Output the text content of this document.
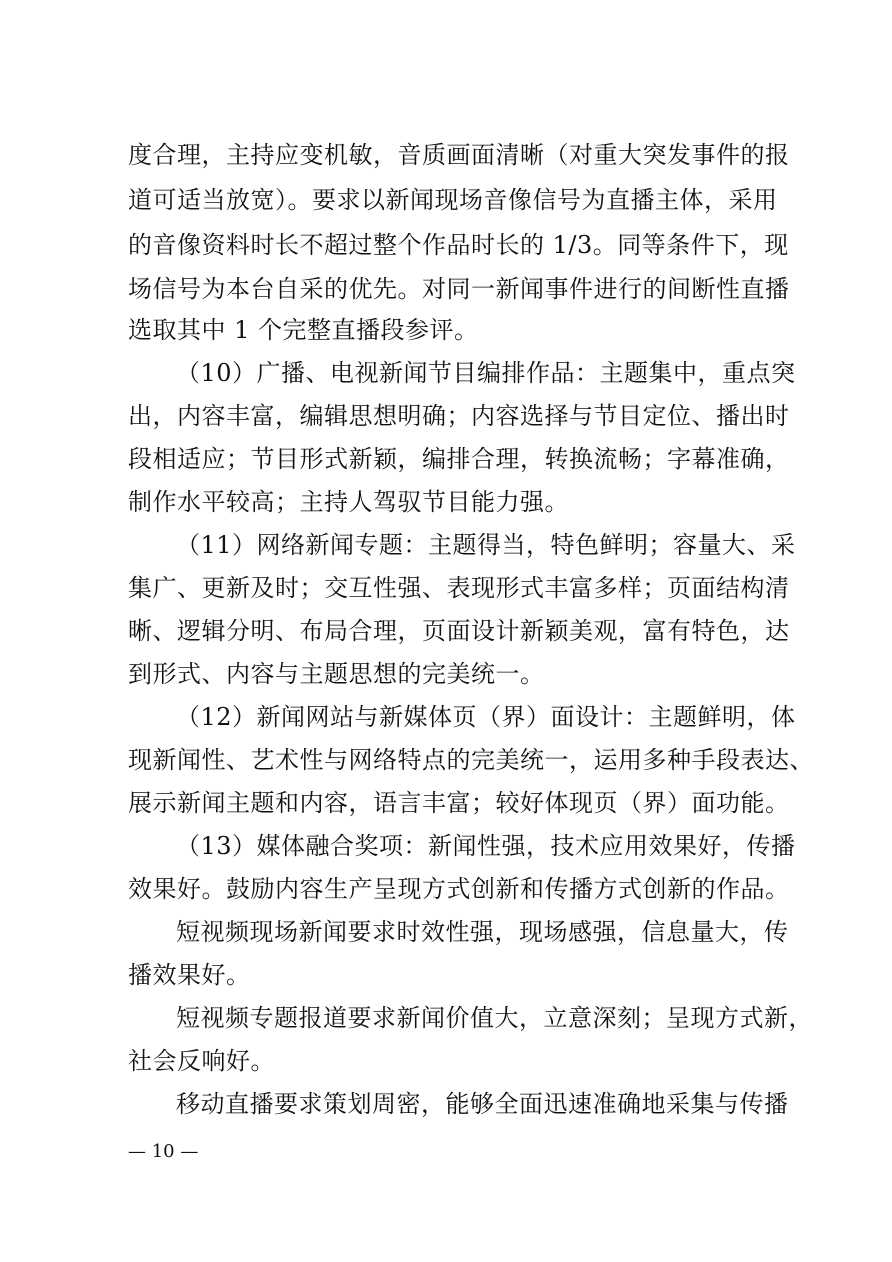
度合理，主持应变机敏，音质画面清晰（对重大突发事件的报
道可适当放宽）。要求以新闻现场音像信号为直播主体，采用
的音像资料时长不超过整个作品时长的 1/3。同等条件下，现
场信号为本台自采的优先。对同一新闻事件进行的间断性直播
选取其中 1 个完整直播段参评。
（10）广播、电视新闻节目编排作品：主题集中，重点突
出，内容丰富，编辑思想明确；内容选择与节目定位、播出时
段相适应；节目形式新颖，编排合理，转换流畅；字幕准确，
制作水平较高；主持人驾驭节目能力强。
（11）网络新闻专题：主题得当，特色鲜明；容量大、采
集广、更新及时；交互性强、表现形式丰富多样；页面结构清
晰、逻辑分明、布局合理，页面设计新颖美观，富有特色，达
到形式、内容与主题思想的完美统一。
（12）新闻网站与新媒体页（界）面设计：主题鲜明，体
现新闻性、艺术性与网络特点的完美统一，运用多种手段表达、
展示新闻主题和内容，语言丰富；较好体现页（界）面功能。
（13）媒体融合奖项：新闻性强，技术应用效果好，传播
效果好。鼓励内容生产呈现方式创新和传播方式创新的作品。
短视频现场新闻要求时效性强，现场感强，信息量大，传
播效果好。
短视频专题报道要求新闻价值大，立意深刻；呈现方式新，
社会反响好。
移动直播要求策划周密，能够全面迅速准确地采集与传播
— 10 —
